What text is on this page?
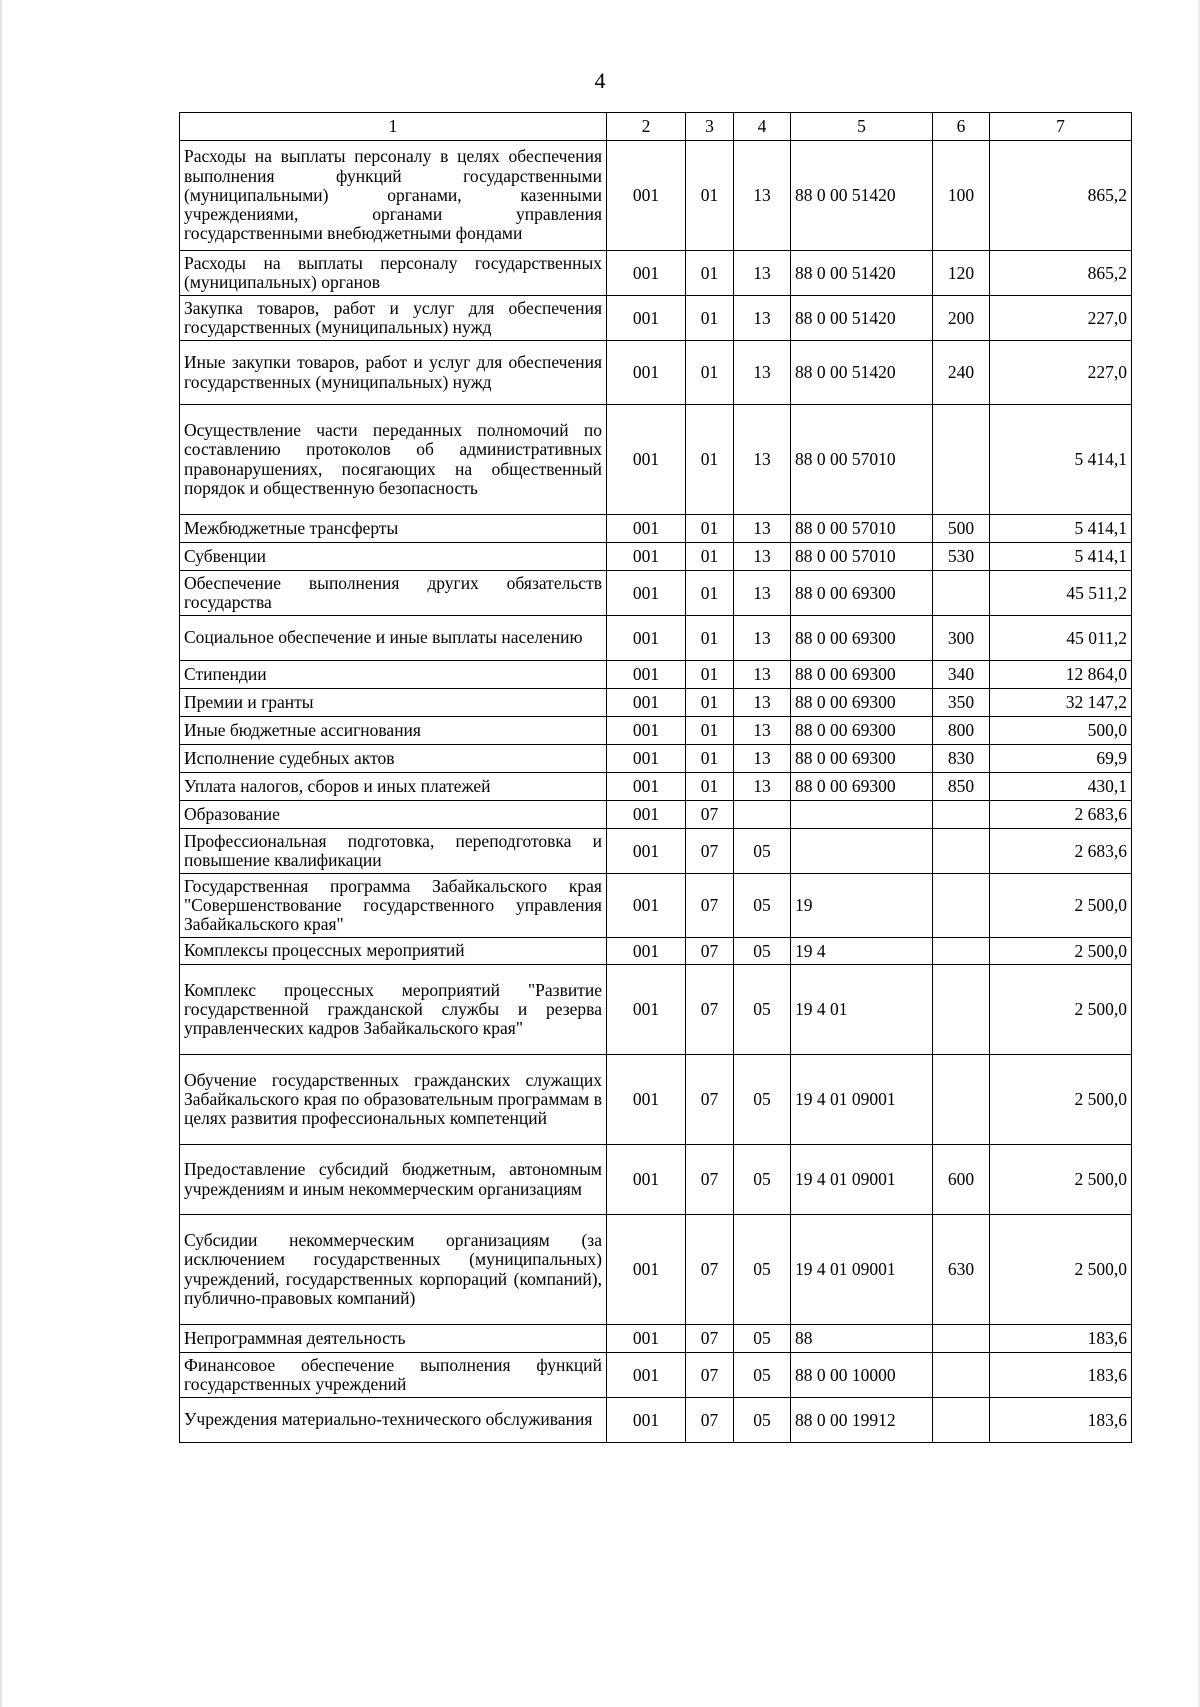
4
1	2	3	4	5	6	7
Расходы на выплаты персоналу в целях обеспечения выполнения функций государственными (муниципальными) органами, казенными учреждениями, органами управления государственными внебюджетными фондами	001	01	13	88 0 00 51420	100	865,2
Расходы на выплаты персоналу государственных (муниципальных) органов	001	01	13	88 0 00 51420	120	865,2
Закупка товаров, работ и услуг для обеспечения государственных (муниципальных) нужд	001	01	13	88 0 00 51420	200	227,0
Иные закупки товаров, работ и услуг для обеспечения государственных (муниципальных) нужд	001	01	13	88 0 00 51420	240	227,0
Осуществление части переданных полномочий по составлению протоколов об административных правонарушениях, посягающих на общественный порядок и общественную безопасность	001	01	13	88 0 00 57010		5 414,1
Межбюджетные трансферты	001	01	13	88 0 00 57010	500	5 414,1
Субвенции	001	01	13	88 0 00 57010	530	5 414,1
Обеспечение выполнения других обязательств государства	001	01	13	88 0 00 69300		45 511,2
Социальное обеспечение и иные выплаты населению	001	01	13	88 0 00 69300	300	45 011,2
Стипендии	001	01	13	88 0 00 69300	340	12 864,0
Премии и гранты	001	01	13	88 0 00 69300	350	32 147,2
Иные бюджетные ассигнования	001	01	13	88 0 00 69300	800	500,0
Исполнение судебных актов	001	01	13	88 0 00 69300	830	69,9
Уплата налогов, сборов и иных платежей	001	01	13	88 0 00 69300	850	430,1
Образование	001	07				2 683,6
Профессиональная подготовка, переподготовка и повышение квалификации	001	07	05			2 683,6
Государственная программа Забайкальского края "Совершенствование государственного управления Забайкальского края"	001	07	05	19		2 500,0
Комплексы процессных мероприятий	001	07	05	19 4		2 500,0
Комплекс процессных мероприятий "Развитие государственной гражданской службы и резерва управленческих кадров Забайкальского края"	001	07	05	19 4 01		2 500,0
Обучение государственных гражданских служащих Забайкальского края по образовательным программам в целях развития профессиональных компетенций	001	07	05	19 4 01 09001		2 500,0
Предоставление субсидий бюджетным, автономным учреждениям и иным некоммерческим организациям	001	07	05	19 4 01 09001	600	2 500,0
Субсидии некоммерческим организациям (за исключением государственных (муниципальных) учреждений, государственных корпораций (компаний), публично-правовых компаний)	001	07	05	19 4 01 09001	630	2 500,0
Непрограммная деятельность	001	07	05	88		183,6
Финансовое обеспечение выполнения функций государственных учреждений	001	07	05	88 0 00 10000		183,6
Учреждения материально-технического обслуживания	001	07	05	88 0 00 19912		183,6
